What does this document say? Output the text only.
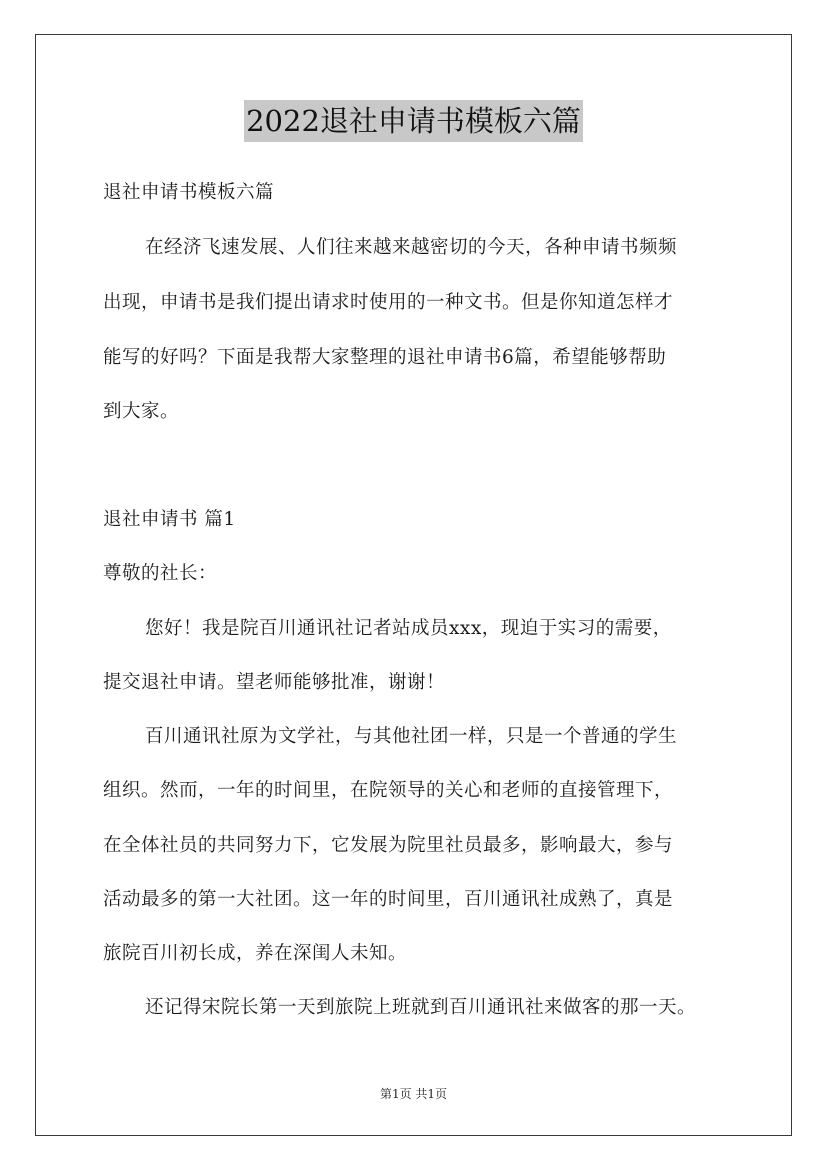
2022退社申请书模板六篇
退社申请书模板六篇
在经济飞速发展、人们往来越来越密切的今天，各种申请书频频
出现，申请书是我们提出请求时使用的一种文书。但是你知道怎样才
能写的好吗？下面是我帮大家整理的退社申请书6篇，希望能够帮助
到大家。
退社申请书 篇1
尊敬的社长：
您好！我是院百川通讯社记者站成员xxx，现迫于实习的需要，
提交退社申请。望老师能够批准，谢谢！
百川通讯社原为文学社，与其他社团一样，只是一个普通的学生
组织。然而，一年的时间里，在院领导的关心和老师的直接管理下，
在全体社员的共同努力下，它发展为院里社员最多，影响最大，参与
活动最多的第一大社团。这一年的时间里，百川通讯社成熟了，真是
旅院百川初长成，养在深闺人未知。
还记得宋院长第一天到旅院上班就到百川通讯社来做客的那一天。
第1页 共1页
